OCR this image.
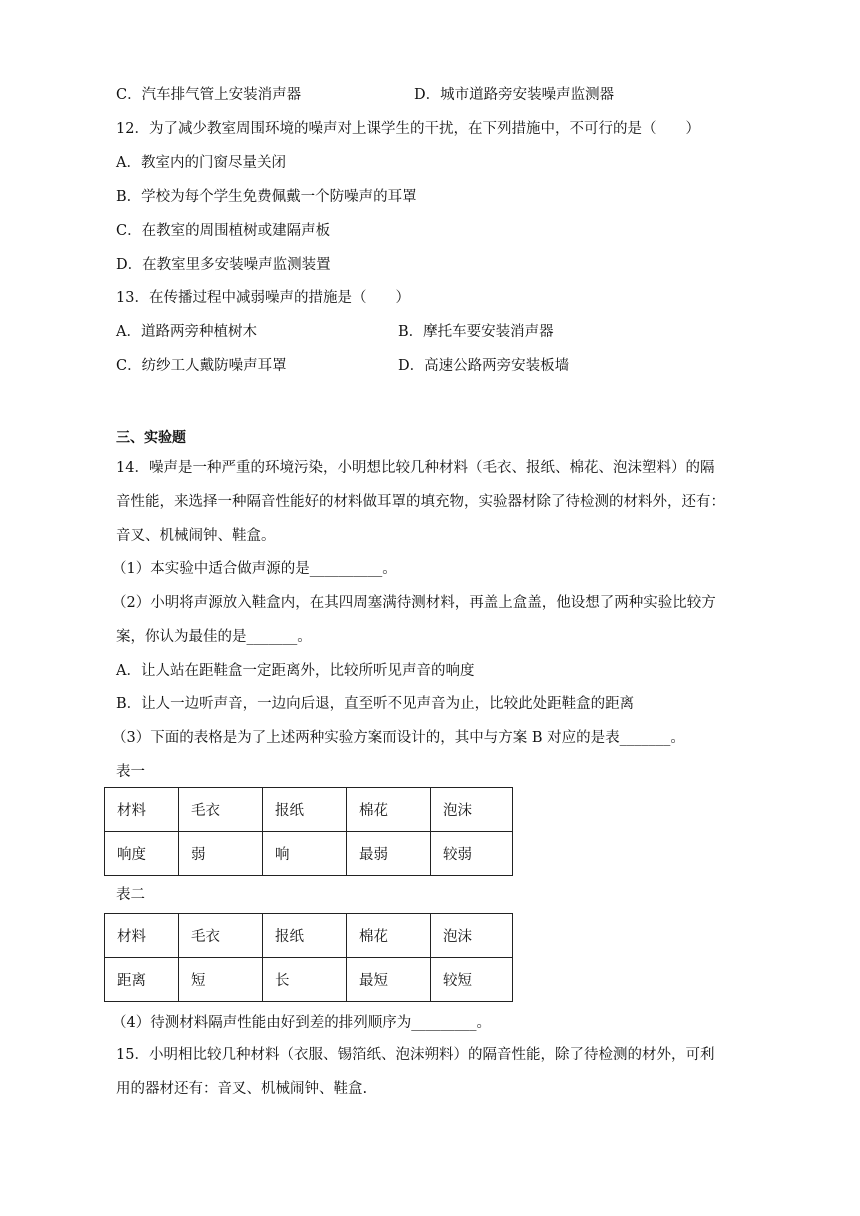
C．汽车排气管上安装消声器	D．城市道路旁安装噪声监测器
12．为了减少教室周围环境的噪声对上课学生的干扰，在下列措施中，不可行的是（　　）
A．教室内的门窗尽量关闭
B．学校为每个学生免费佩戴一个防噪声的耳罩
C．在教室的周围植树或建隔声板
D．在教室里多安装噪声监测装置
13．在传播过程中减弱噪声的措施是（　　）
A．道路两旁种植树木	B．摩托车要安装消声器
C．纺纱工人戴防噪声耳罩	D．高速公路两旁安装板墙
三、实验题
14．噪声是一种严重的环境污染，小明想比较几种材料（毛衣、报纸、棉花、泡沫塑料）的隔
音性能，来选择一种隔音性能好的材料做耳罩的填充物，实验器材除了待检测的材料外，还有：
音叉、机械闹钟、鞋盒。
（1）本实验中适合做声源的是__________。
（2）小明将声源放入鞋盒内，在其四周塞满待测材料，再盖上盒盖，他设想了两种实验比较方
案，你认为最佳的是_______。
A．让人站在距鞋盒一定距离外，比较所听见声音的响度
B．让人一边听声音，一边向后退，直至听不见声音为止，比较此处距鞋盒的距离
（3）下面的表格是为了上述两种实验方案而设计的，其中与方案 B 对应的是表_______。
表一
材料	毛衣	报纸	棉花	泡沫
响度	弱	响	最弱	较弱
表二
材料	毛衣	报纸	棉花	泡沫
距离	短	长	最短	较短
（4）待测材料隔声性能由好到差的排列顺序为_________。
15．小明相比较几种材料（衣服、锡箔纸、泡沫朔料）的隔音性能，除了待检测的材外，可利
用的器材还有：音叉、机械闹钟、鞋盒.
